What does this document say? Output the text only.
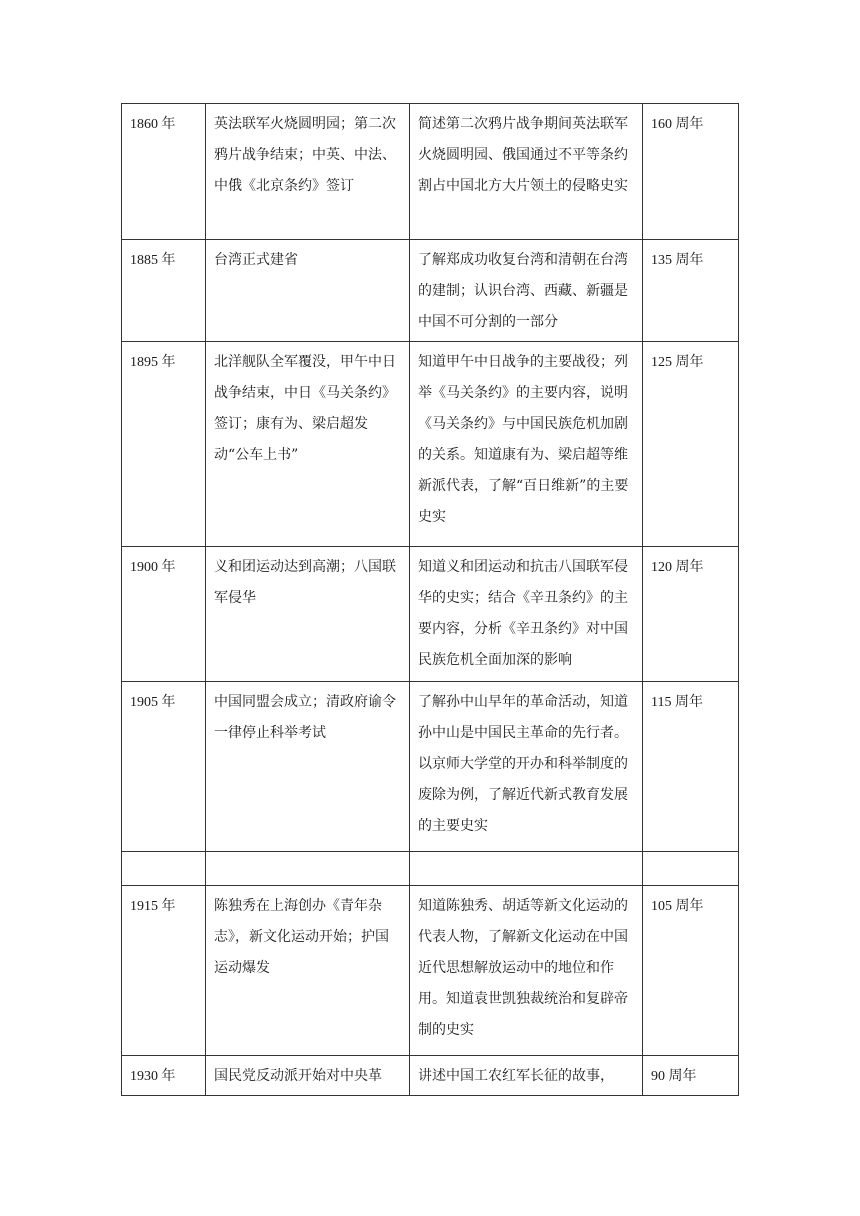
1860 年	英法联军火烧圆明园；第二次鸦片战争结束；中英、中法、中俄《北京条约》签订	简述第二次鸦片战争期间英法联军火烧圆明园、俄国通过不平等条约割占中国北方大片领土的侵略史实	160 周年
1885 年	台湾正式建省	了解郑成功收复台湾和清朝在台湾的建制；认识台湾、西藏、新疆是中国不可分割的一部分	135 周年
1895 年	北洋舰队全军覆没，甲午中日战争结束，中日《马关条约》签订；康有为、梁启超发动“公车上书”	知道甲午中日战争的主要战役；列举《马关条约》的主要内容，说明《马关条约》与中国民族危机加剧的关系。知道康有为、梁启超等维新派代表，了解“百日维新”的主要史实	125 周年
1900 年	义和团运动达到高潮；八国联军侵华	知道义和团运动和抗击八国联军侵华的史实；结合《辛丑条约》的主要内容，分析《辛丑条约》对中国民族危机全面加深的影响	120 周年
1905 年	中国同盟会成立；清政府谕令一律停止科举考试	了解孙中山早年的革命活动，知道孙中山是中国民主革命的先行者。以京师大学堂的开办和科举制度的废除为例，了解近代新式教育发展的主要史实	115 周年

1915 年	陈独秀在上海创办《青年杂志》，新文化运动开始；护国运动爆发	知道陈独秀、胡适等新文化运动的代表人物，了解新文化运动在中国近代思想解放运动中的地位和作用。知道袁世凯独裁统治和复辟帝制的史实	105 周年
1930 年	国民党反动派开始对中央革	讲述中国工农红军长征的故事，	90 周年
